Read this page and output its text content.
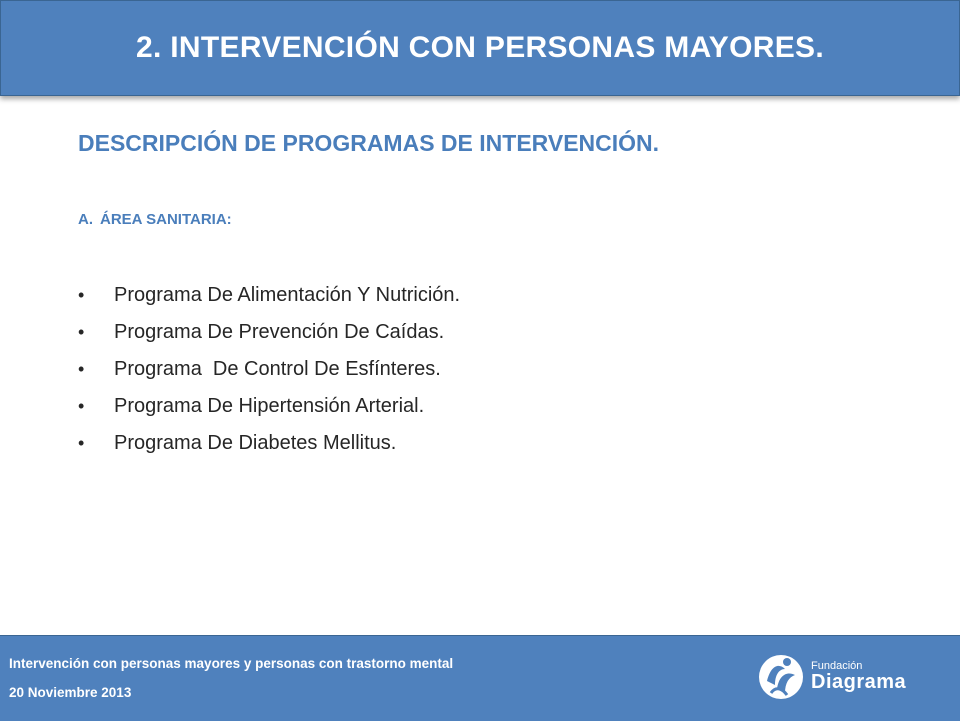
2. INTERVENCIÓN CON PERSONAS MAYORES.
DESCRIPCIÓN DE PROGRAMAS DE INTERVENCIÓN.
A. ÁREA SANITARIA:
•	Programa De Alimentación Y Nutrición.
•	Programa De Prevención De Caídas.
•	Programa  De Control De Esfínteres.
•	Programa De Hipertensión Arterial.
•	Programa De Diabetes Mellitus.
Intervención con personas mayores y personas con trastorno mental
20 Noviembre 2013
Fundación
Diagrama
